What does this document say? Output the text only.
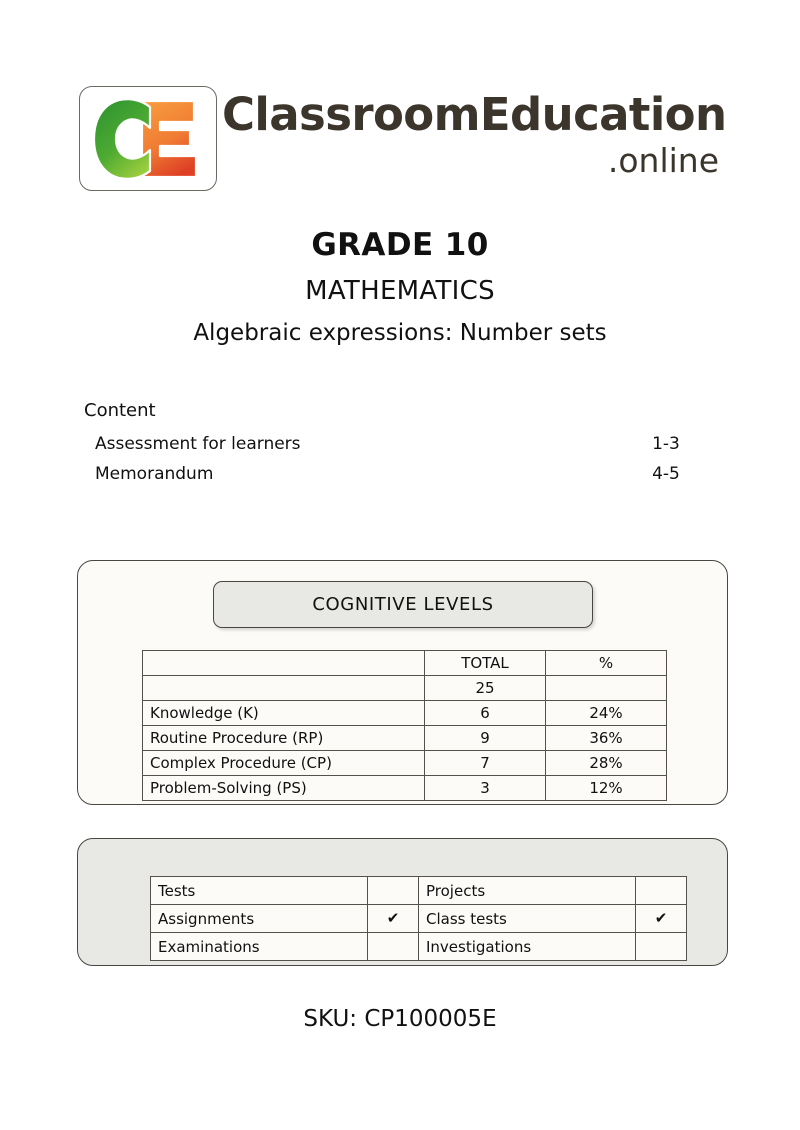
ClassroomEducation
.online
GRADE 10
MATHEMATICS
Algebraic expressions: Number sets
Content
Assessment for learners	1-3
Memorandum	4-5
COGNITIVE LEVELS
	TOTAL	%
	25	
Knowledge (K)	6	24%
Routine Procedure (RP)	9	36%
Complex Procedure (CP)	7	28%
Problem-Solving (PS)	3	12%
Tests		Projects	
Assignments	✔	Class tests	✔
Examinations		Investigations	
SKU: CP100005E
